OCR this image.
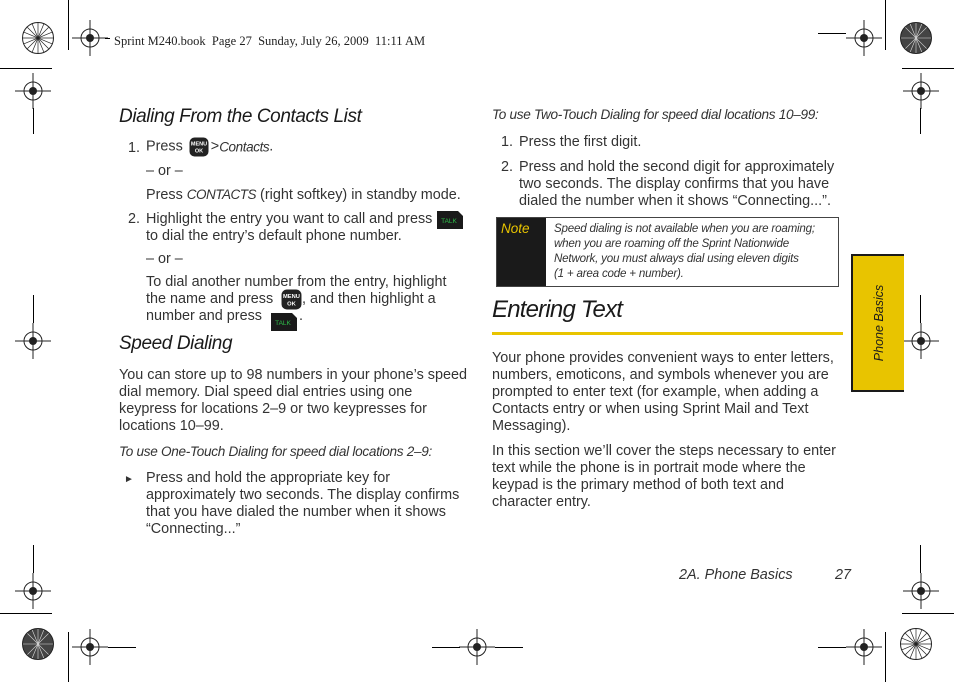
Sprint M240.book  Page 27  Sunday, July 26, 2009  11:11 AM
Dialing From the Contacts List
1. Press MENU
OK >Contacts.
– or –
Press CONTACTS (right softkey) in standby mode.
2. Highlight the entry you want to call and press TALK
to dial the entry’s default phone number.
– or –
To dial another number from the entry, highlight
the name and press MENU
OK , and then highlight a
number and press TALK .
Speed Dialing
You can store up to 98 numbers in your phone’s speed
dial memory. Dial speed dial entries using one
keypress for locations 2–9 or two keypresses for
locations 10–99.
To use One-Touch Dialing for speed dial locations 2–9:
► Press and hold the appropriate key for
approximately two seconds. The display confirms
that you have dialed the number when it shows
“Connecting...”
To use Two-Touch Dialing for speed dial locations 10–99:
1. Press the first digit.
2. Press and hold the second digit for approximately
two seconds. The display confirms that you have
dialed the number when it shows “Connecting...”.
Note Speed dialing is not available when you are roaming;
when you are roaming off the Sprint Nationwide
Network, you must always dial using eleven digits
(1 + area code + number).
Entering Text
Your phone provides convenient ways to enter letters,
numbers, emoticons, and symbols whenever you are
prompted to enter text (for example, when adding a
Contacts entry or when using Sprint Mail and Text
Messaging).
In this section we’ll cover the steps necessary to enter
text while the phone is in portrait mode where the
keypad is the primary method of both text and
character entry.
Phone Basics
2A. Phone Basics	27
